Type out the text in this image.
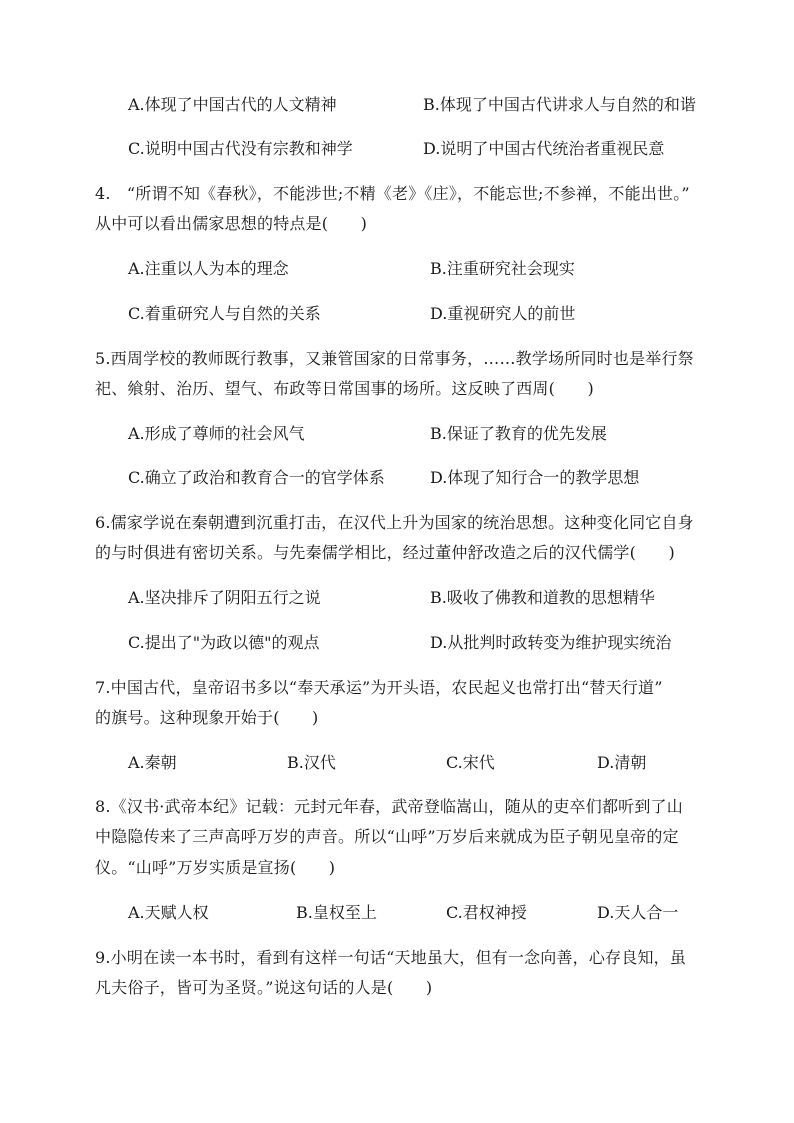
A.体现了中国古代的人文精神	B.体现了中国古代讲求人与自然的和谐
C.说明中国古代没有宗教和神学	D.说明了中国古代统治者重视民意
4.　“所谓不知《春秋》，不能涉世;不精《老》《庄》，不能忘世;不参禅，不能出世。”
从中可以看出儒家思想的特点是(　　)
A.注重以人为本的理念	B.注重研究社会现实
C.着重研究人与自然的关系	D.重视研究人的前世
5.西周学校的教师既行教事，又兼管国家的日常事务，……教学场所同时也是举行祭
祀、飨射、治历、望气、布政等日常国事的场所。这反映了西周(　　)
A.形成了尊师的社会风气	B.保证了教育的优先发展
C.确立了政治和教育合一的官学体系	D.体现了知行合一的教学思想
6.儒家学说在秦朝遭到沉重打击，在汉代上升为国家的统治思想。这种变化同它自身
的与时俱进有密切关系。与先秦儒学相比，经过董仲舒改造之后的汉代儒学(　　)
A.坚决排斥了阴阳五行之说	B.吸收了佛教和道教的思想精华
C.提出了"为政以德"的观点	D.从批判时政转变为维护现实统治
7.中国古代，皇帝诏书多以“奉天承运”为开头语，农民起义也常打出“替天行道”
的旗号。这种现象开始于(　　)
A.秦朝	B.汉代	C.宋代	D.清朝
8.《汉书·武帝本纪》记载：元封元年春，武帝登临嵩山，随从的吏卒们都听到了山
中隐隐传来了三声高呼万岁的声音。所以“山呼”万岁后来就成为臣子朝见皇帝的定
仪。“山呼”万岁实质是宣扬(　　)
A.天赋人权	B.皇权至上	C.君权神授	D.天人合一
9.小明在读一本书时，看到有这样一句话“天地虽大，但有一念向善，心存良知，虽
凡夫俗子，皆可为圣贤。”说这句话的人是(　　)
